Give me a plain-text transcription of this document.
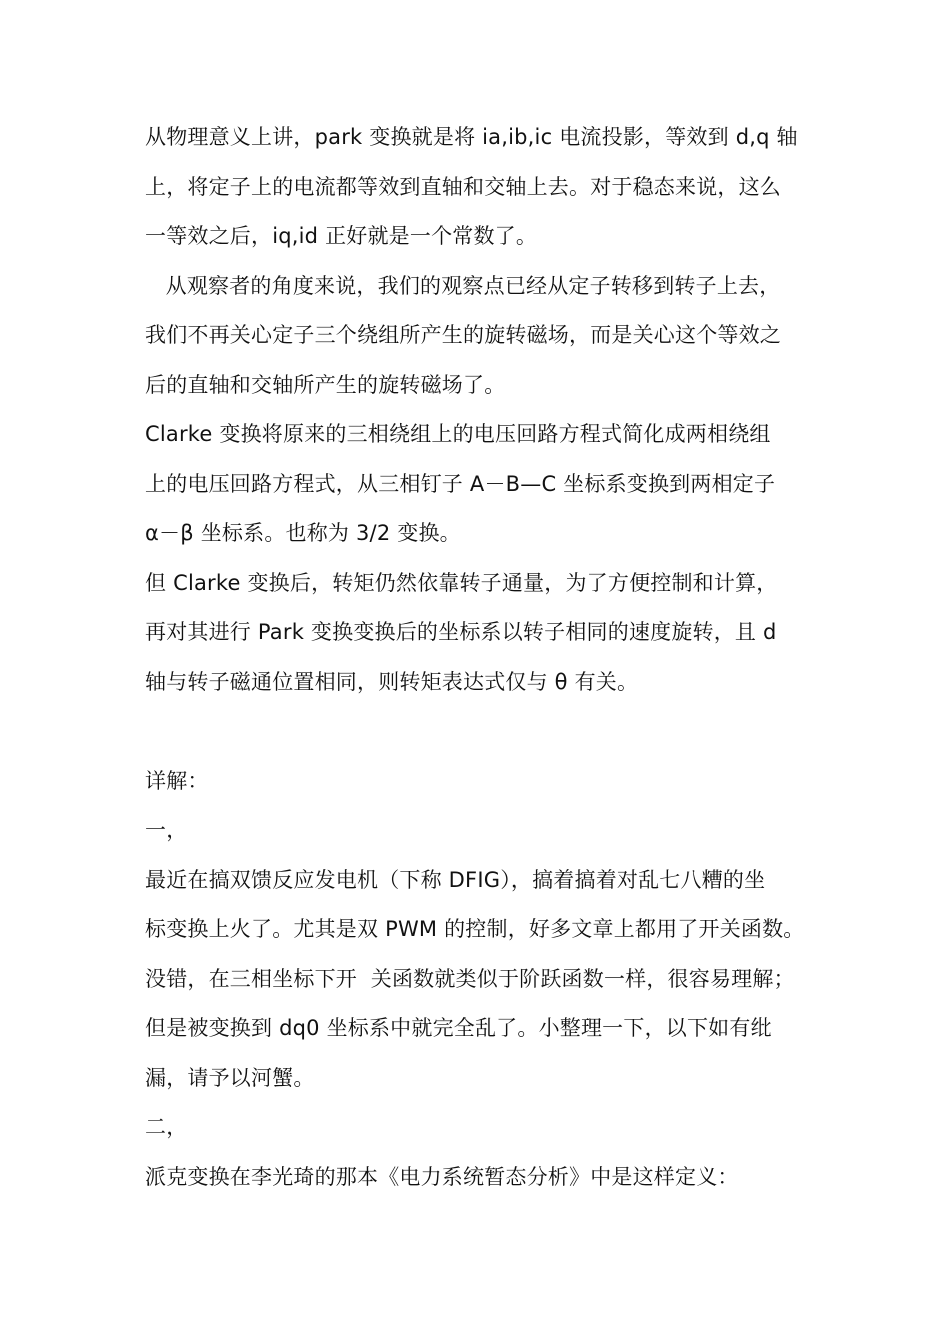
从物理意义上讲，park 变换就是将 ia,ib,ic 电流投影，等效到 d,q 轴
上，将定子上的电流都等效到直轴和交轴上去。对于稳态来说，这么
一等效之后，iq,id 正好就是一个常数了。
从观察者的角度来说，我们的观察点已经从定子转移到转子上去，
我们不再关心定子三个绕组所产生的旋转磁场，而是关心这个等效之
后的直轴和交轴所产生的旋转磁场了。
Clarke 变换将原来的三相绕组上的电压回路方程式简化成两相绕组
上的电压回路方程式，从三相钉子 A－B—C 坐标系变换到两相定子
α－β 坐标系。也称为 3/2 变换。
但 Clarke 变换后，转矩仍然依靠转子通量，为了方便控制和计算，
再对其进行 Park 变换变换后的坐标系以转子相同的速度旋转，且 d
轴与转子磁通位置相同，则转矩表达式仅与 θ 有关。
详解：
一，
最近在搞双馈反应发电机（下称 DFIG），搞着搞着对乱七八糟的坐
标变换上火了。尤其是双 PWM 的控制，好多文章上都用了开关函数。
没错，在三相坐标下开  关函数就类似于阶跃函数一样，很容易理解；
但是被变换到 dq0 坐标系中就完全乱了。小整理一下，以下如有纰
漏，请予以河蟹。
二，
派克变换在李光琦的那本《电力系统暂态分析》中是这样定义：
